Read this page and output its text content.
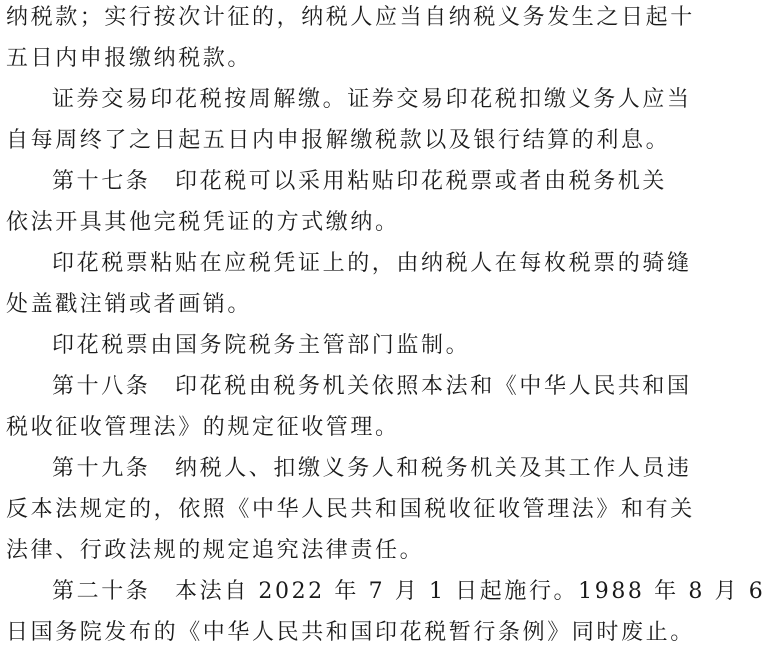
纳税款；实行按次计征的，纳税人应当自纳税义务发生之日起十
五日内申报缴纳税款。
证券交易印花税按周解缴。证券交易印花税扣缴义务人应当
自每周终了之日起五日内申报解缴税款以及银行结算的利息。
第十七条　印花税可以采用粘贴印花税票或者由税务机关
依法开具其他完税凭证的方式缴纳。
印花税票粘贴在应税凭证上的，由纳税人在每枚税票的骑缝
处盖戳注销或者画销。
印花税票由国务院税务主管部门监制。
第十八条　印花税由税务机关依照本法和《中华人民共和国
税收征收管理法》的规定征收管理。
第十九条　纳税人、扣缴义务人和税务机关及其工作人员违
反本法规定的，依照《中华人民共和国税收征收管理法》和有关
法律、行政法规的规定追究法律责任。
第二十条　本法自 2022 年 7 月 1 日起施行。1988 年 8 月 6
日国务院发布的《中华人民共和国印花税暂行条例》同时废止。
